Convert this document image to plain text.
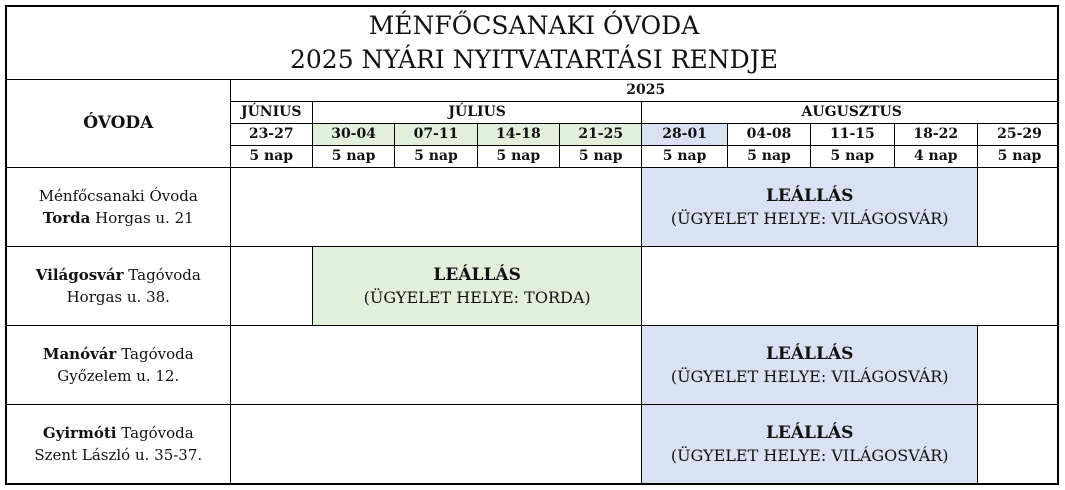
MÉNFŐCSANAKI ÓVODA
2025 NYÁRI NYITVATARTÁSI RENDJE										

ÓVODA	2025									
	JÚNIUS	JÚLIUS				AUGUSZTUS				
	23-27	30-04	07-11	14-18	21-25	28-01	04-08	11-15	18-22	25-29
	5 nap	5 nap	5 nap	5 nap	5 nap	5 nap	5 nap	5 nap	4 nap	5 nap
Ménfőcsanaki Óvoda
Torda Horgas u. 21						LEÁLLÁS
(ÜGYELET HELYE: VILÁGOSVÁR)				

Világosvár Tagóvoda
Horgas u. 38.		LEÁLLÁS
(ÜGYELET HELYE: TORDA)								

Manóvár Tagóvoda
Győzelem u. 12.						LEÁLLÁS
(ÜGYELET HELYE: VILÁGOSVÁR)				

Gyirmóti Tagóvoda
Szent László u. 35-37.						LEÁLLÁS
(ÜGYELET HELYE: VILÁGOSVÁR)				
